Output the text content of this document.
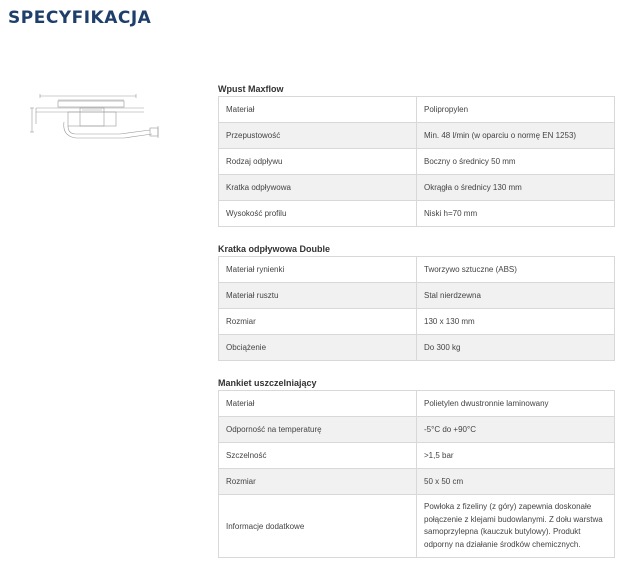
SPECYFIKACJA
Wpust Maxflow
Materiał	Polipropylen
Przepustowość	Min. 48 l/min (w oparciu o normę EN 1253)
Rodzaj odpływu	Boczny o średnicy 50 mm
Kratka odpływowa	Okrągła o średnicy 130 mm
Wysokość profilu	Niski h=70 mm
Kratka odpływowa Double
Materiał rynienki	Tworzywo sztuczne (ABS)
Materiał rusztu	Stal nierdzewna
Rozmiar	130 x 130 mm
Obciążenie	Do 300 kg
Mankiet uszczelniający
Materiał	Polietylen dwustronnie laminowany
Odporność na temperaturę	-5°C do +90°C
Szczelność	>1,5 bar
Rozmiar	50 x 50 cm
Informacje dodatkowe	Powłoka z fizeliny (z góry) zapewnia doskonałe połączenie z klejami budowlanymi. Z dołu warstwa samoprzylepna (kauczuk butylowy). Produkt odporny na działanie środków chemicznych.
